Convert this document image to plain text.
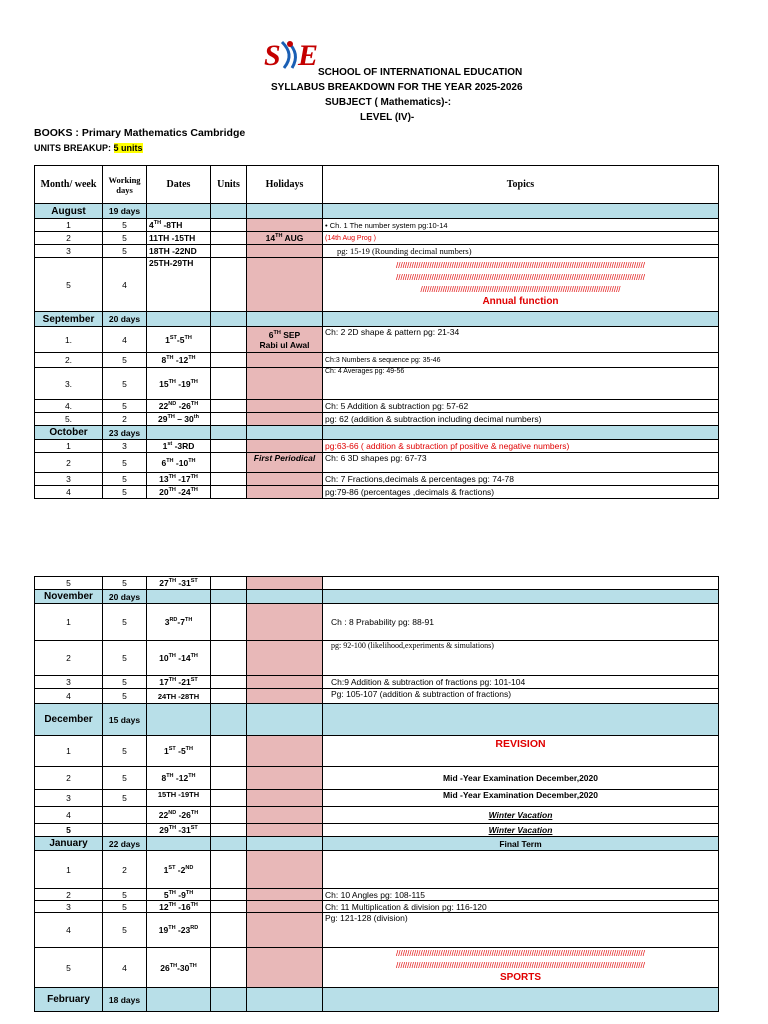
S E
SCHOOL OF INTERNATIONAL EDUCATION
SYLLABUS BREAKDOWN FOR THE YEAR 2025-2026
SUBJECT ( Mathematics)-:
LEVEL (IV)-
BOOKS : Primary Mathematics Cambridge
UNITS BREAKUP: 5 units
Month/ week	Working days	Dates	Units	Holidays	Topics
August	19 days				
1	5	4TH -8TH			• Ch. 1 The number system pg:10-14
2	5	11TH -15TH		14TH AUG	(14th Aug Prog )
3	5	18TH -22ND			pg: 15-19 (Rounding decimal numbers)
5	4	25TH-29TH			////////////////////////////////////////////////////////////////////////////////////////////////////////////////
////////////////////////////////////////////////////////////////////////////////////////////////////////////////
//////////////////////////////////////////////////////////////////////////////////////////
Annual function

September	20 days				
1.	4	1ST-5TH		6TH SEP
Rabi ul Awal	Ch: 2 2D shape & pattern pg: 21-34
2.	5	8TH -12TH			Ch:3 Numbers & sequence pg: 35-46
3.	5	15TH -19TH			Ch: 4 Averages pg: 49-56
4.	5	22ND -26TH			Ch: 5 Addition & subtraction pg: 57-62
5.	2	29TH – 30th			pg: 62 (addition & subtraction including decimal numbers)
October	23 days				
1	3	1st -3RD			pg:63-66 ( addition & subtraction pf positive & negative numbers)
2	5	6TH -10TH		First Periodical	Ch: 6 3D shapes pg: 67-73
3	5	13TH -17TH			Ch: 7 Fractions,decimals & percentages pg: 74-78
4	5	20TH -24TH			pg:79-86 (percentages ,decimals & fractions)
5	5	27TH -31ST			
November	20 days				
1	5	3RD-7TH			Ch : 8 Prabability pg: 88-91
2	5	10TH -14TH			pg: 92-100 (likelihood,experiments & simulations)
3	5	17TH -21ST			Ch:9 Addition & subtraction of fractions pg: 101-104
4	5	24TH -28TH			Pg: 105-107 (addition & subtraction of fractions)
December	15 days				
1	5	1ST -5TH			REVISION
2	5	8TH -12TH			Mid -Year Examination December,2020
3	5	15TH -19TH			Mid -Year Examination December,2020
4		22ND -26TH			Winter Vacation
5		29TH -31ST			Winter Vacation
January	22 days				Final Term
1	2	1ST -2ND			
2	5	5TH -9TH			Ch: 10 Angles pg: 108-115
3	5	12TH -16TH			Ch: 11 Multiplication & division pg: 116-120
4	5	19TH -23RD			Pg: 121-128 (division)
5	4	26TH-30TH			////////////////////////////////////////////////////////////////////////////////////////////////////////////////
////////////////////////////////////////////////////////////////////////////////////////////////////////////////
SPORTS

February	18 days				
